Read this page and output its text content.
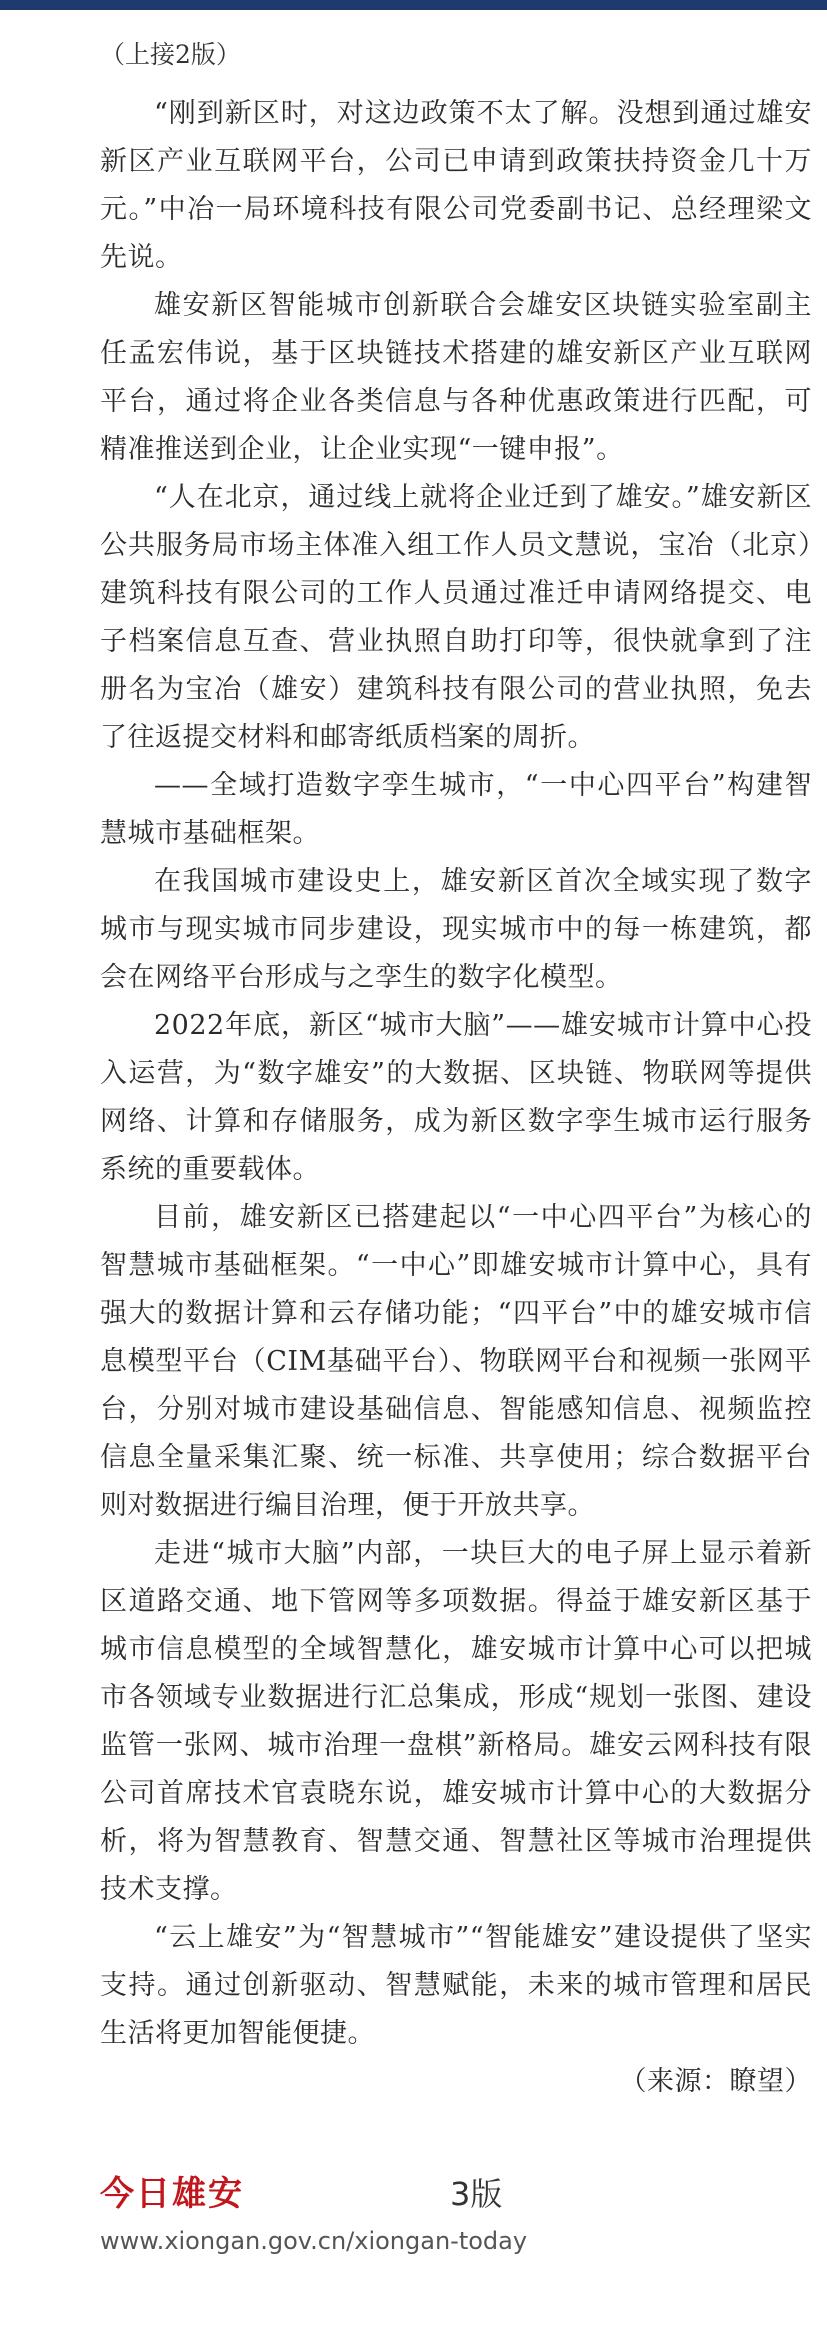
（上接2版）

“刚到新区时，对这边政策不太了解。没想到通过雄安新区产业互联网平台，公司已申请到政策扶持资金几十万元。”中冶一局环境科技有限公司党委副书记、总经理梁文先说。

雄安新区智能城市创新联合会雄安区块链实验室副主任孟宏伟说，基于区块链技术搭建的雄安新区产业互联网平台，通过将企业各类信息与各种优惠政策进行匹配，可精准推送到企业，让企业实现“一键申报”。

“人在北京，通过线上就将企业迁到了雄安。”雄安新区公共服务局市场主体准入组工作人员文慧说，宝冶（北京）建筑科技有限公司的工作人员通过准迁申请网络提交、电子档案信息互查、营业执照自助打印等，很快就拿到了注册名为宝冶（雄安）建筑科技有限公司的营业执照，免去了往返提交材料和邮寄纸质档案的周折。

——全域打造数字孪生城市，“一中心四平台”构建智慧城市基础框架。

在我国城市建设史上，雄安新区首次全域实现了数字城市与现实城市同步建设，现实城市中的每一栋建筑，都会在网络平台形成与之孪生的数字化模型。

2022年底，新区“城市大脑”——雄安城市计算中心投入运营，为“数字雄安”的大数据、区块链、物联网等提供网络、计算和存储服务，成为新区数字孪生城市运行服务系统的重要载体。

目前，雄安新区已搭建起以“一中心四平台”为核心的智慧城市基础框架。“一中心”即雄安城市计算中心，具有强大的数据计算和云存储功能；“四平台”中的雄安城市信息模型平台（CIM基础平台）、物联网平台和视频一张网平台，分别对城市建设基础信息、智能感知信息、视频监控信息全量采集汇聚、统一标准、共享使用；综合数据平台则对数据进行编目治理，便于开放共享。

走进“城市大脑”内部，一块巨大的电子屏上显示着新区道路交通、地下管网等多项数据。得益于雄安新区基于城市信息模型的全域智慧化，雄安城市计算中心可以把城市各领域专业数据进行汇总集成，形成“规划一张图、建设监管一张网、城市治理一盘棋”新格局。雄安云网科技有限公司首席技术官袁晓东说，雄安城市计算中心的大数据分析，将为智慧教育、智慧交通、智慧社区等城市治理提供技术支撑。

“云上雄安”为“智慧城市”“智能雄安”建设提供了坚实支持。通过创新驱动、智慧赋能，未来的城市管理和居民生活将更加智能便捷。

（来源：瞭望）

今日雄安	3版
www.xiongan.gov.cn/xiongan-today
